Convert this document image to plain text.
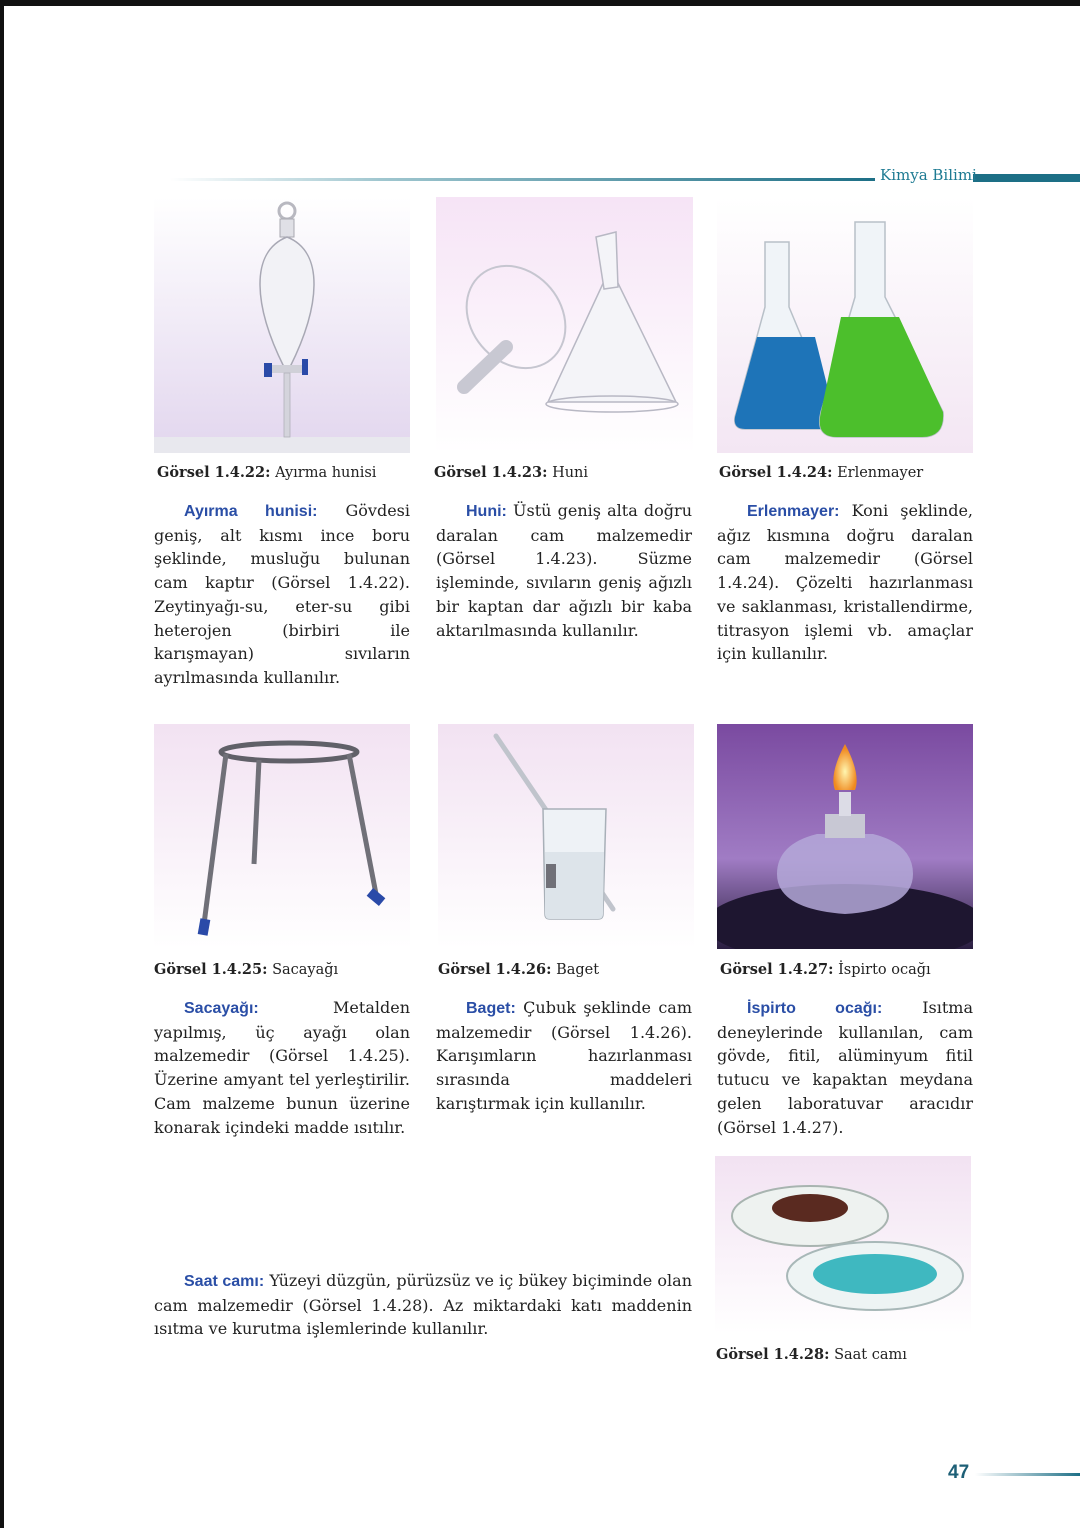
Kimya Bilimi
Görsel 1.4.22: Ayırma hunisi	Görsel 1.4.23: Huni	Görsel 1.4.24: Erlenmayer
Ayırma hunisi: Gövdesi geniş, alt kısmı ince boru şeklinde, musluğu bulunan cam kaptır (Görsel 1.4.22). Zeytinyağı-su, eter-su gibi heterojen (birbiri ile karışmayan) sıvıların ayrılmasında kullanılır.
Huni: Üstü geniş alta doğru daralan cam malzemedir (Görsel 1.4.23). Süzme işleminde, sıvıların geniş ağızlı bir kaptan dar ağızlı bir kaba aktarılmasında kullanılır.
Erlenmayer: Koni şeklinde, ağız kısmına doğru daralan cam malzemedir (Görsel 1.4.24). Çözelti hazırlanması ve saklanması, kristallendirme, titrasyon işlemi vb. amaçlar için kullanılır.
Görsel 1.4.25: Sacayağı	Görsel 1.4.26: Baget	Görsel 1.4.27: İspirto ocağı
Sacayağı: Metalden yapılmış, üç ayağı olan malzemedir (Görsel 1.4.25). Üzerine amyant tel yerleştirilir. Cam malzeme bunun üzerine konarak içindeki madde ısıtılır.
Baget: Çubuk şeklinde cam malzemedir (Görsel 1.4.26). Karışımların hazırlanması sırasında maddeleri karıştırmak için kullanılır.
İspirto ocağı: Isıtma deneylerinde kullanılan, cam gövde, fitil, alüminyum fitil tutucu ve kapaktan meydana gelen laboratuvar aracıdır (Görsel 1.4.27).
Görsel 1.4.28: Saat camı
Saat camı: Yüzeyi düzgün, pürüzsüz ve iç bükey biçiminde olan cam malzemedir (Görsel 1.4.28). Az miktardaki katı maddenin ısıtma ve kurutma işlemlerinde kullanılır.
47
